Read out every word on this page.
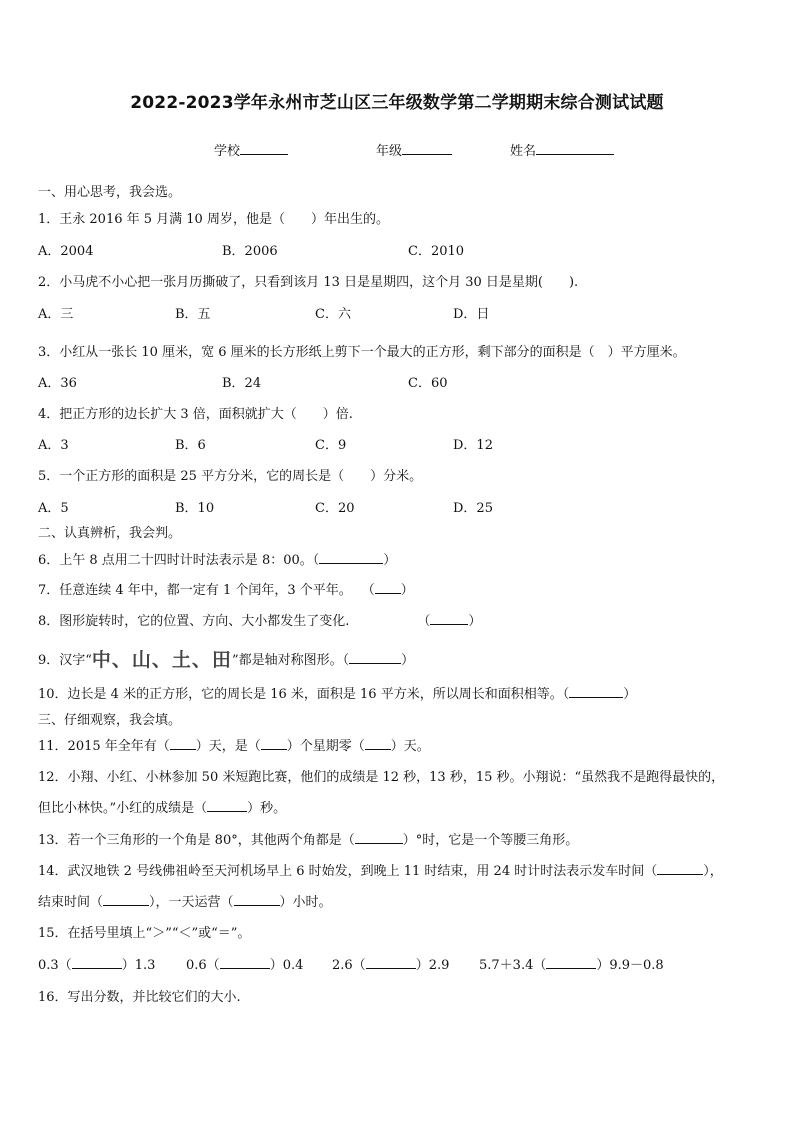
2022-2023学年永州市芝山区三年级数学第二学期期末综合测试试题
学校	年级	姓名
一、用心思考，我会选。
1．王永 2016 年 5 月满 10 周岁，他是（　　）年出生的。
A．2004	B．2006	C．2010
2．小马虎不小心把一张月历撕破了，只看到该月 13 日是星期四，这个月 30 日是星期(　　).
A．三	B．五	C．六	D．日
3．小红从一张长 10 厘米，宽 6 厘米的长方形纸上剪下一个最大的正方形，剩下部分的面积是（　）平方厘米。
A．36	B．24	C．60
4．把正方形的边长扩大 3 倍，面积就扩大（　　）倍.
A．3	B．6	C．9	D．12
5．一个正方形的面积是 25 平方分米，它的周长是（　　）分米。
A．5	B．10	C．20	D．25
二、认真辨析，我会判。
6．上午 8 点用二十四时计时法表示是 8：00。（	）
7．任意连续 4 年中，都一定有 1 个闰年，3 个平年。 （ ）
8．图形旋转时，它的位置、方向、大小都发生了变化.	（	）
9．汉字“中、山、土、田”都是轴对称图形。（	）
10．边长是 4 米的正方形，它的周长是 16 米，面积是 16 平方米，所以周长和面积相等。（	）
三、仔细观察，我会填。
11．2015 年全年有（ ）天，是（ ）个星期零（ ）天。
12．小翔、小红、小林参加 50 米短跑比赛，他们的成绩是 12 秒，13 秒，15 秒。小翔说：“虽然我不是跑得最快的，
但比小林快。”小红的成绩是（	）秒。
13．若一个三角形的一个角是 80°，其他两个角都是（	）°时，它是一个等腰三角形。
14．武汉地铁 2 号线佛祖岭至天河机场早上 6 时始发，到晚上 11 时结束，用 24 时计时法表示发车时间（	），
结束时间（	），一天运营（	）小时。
15．在括号里填上“＞”“＜”或“＝”。
0.3（	）1.3 0.6（	）0.4 2.6（	）2.9 5.7＋3.4（	）9.9－0.8
16．写出分数，并比较它们的大小.
